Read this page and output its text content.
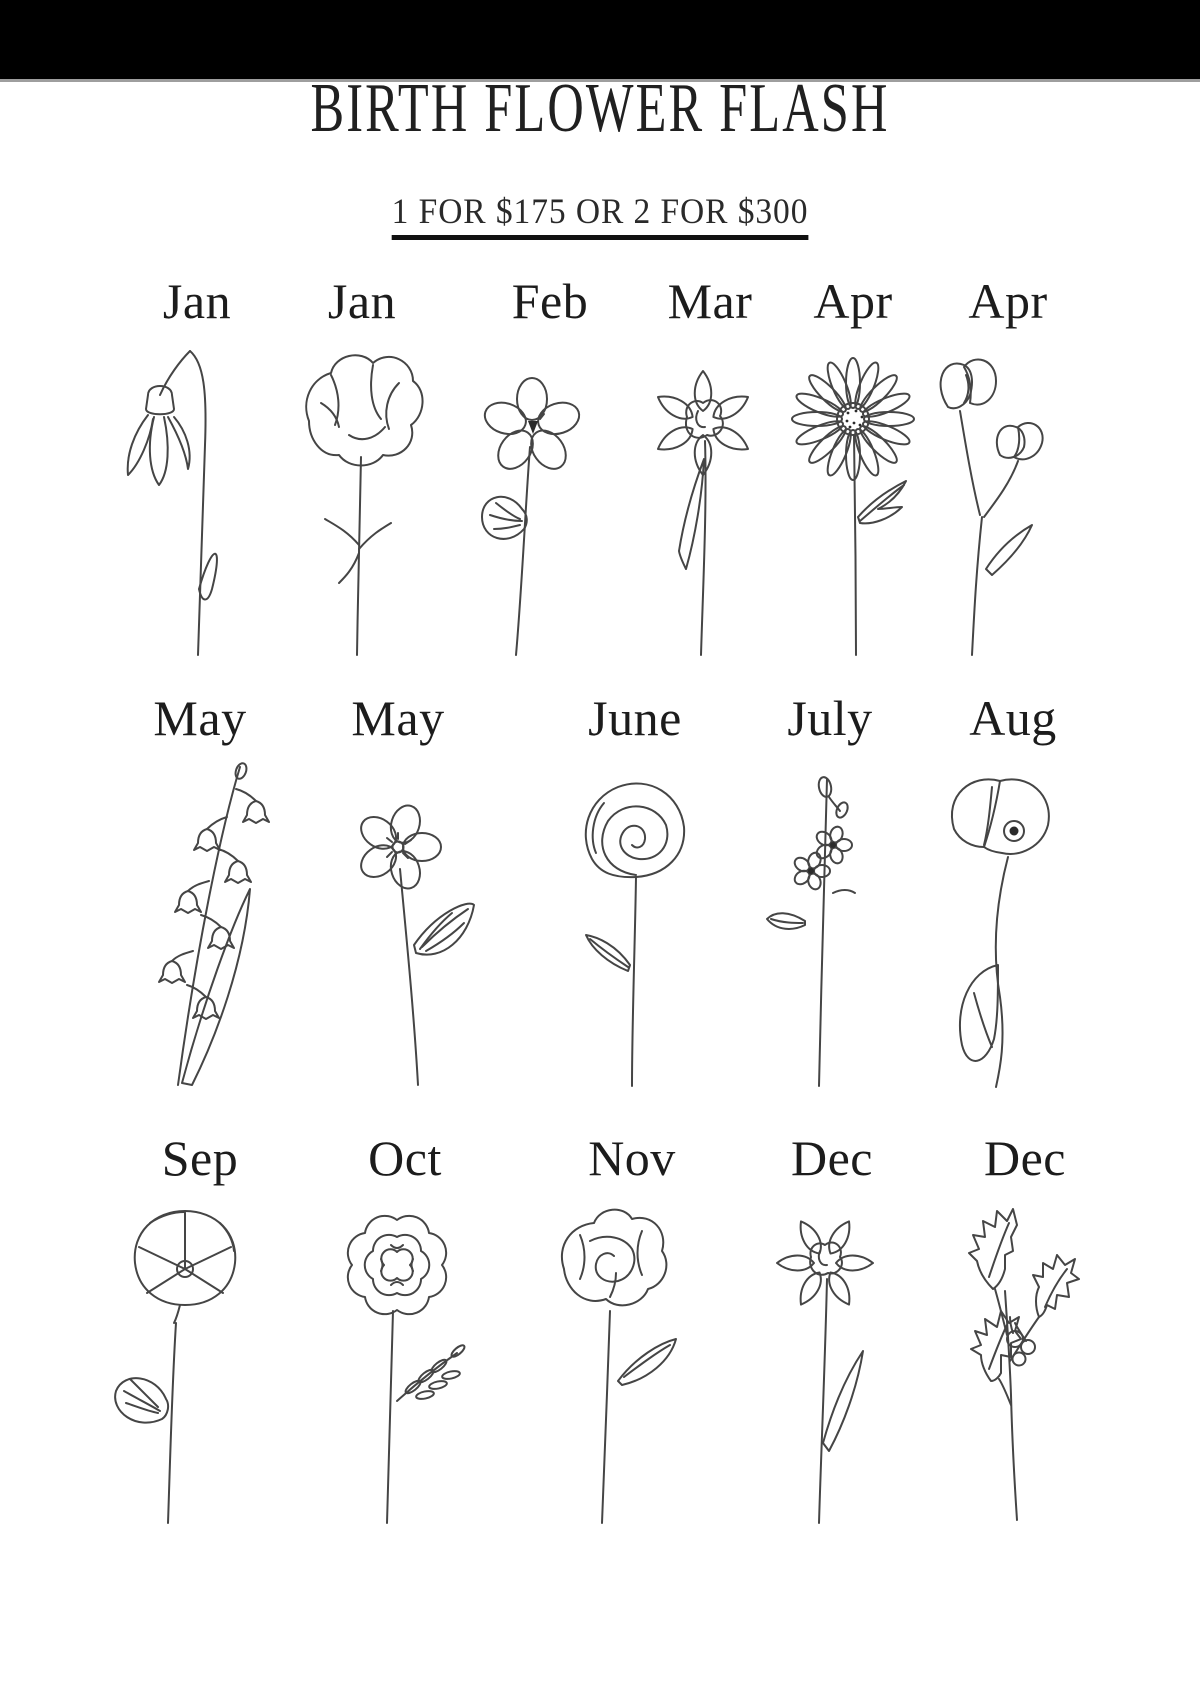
BIRTH FLOWER FLASH
1 FOR $175 OR 2 FOR $300
Jan	Jan	Feb	Mar	Apr	Apr
May	May	June	July	Aug
Sep	Oct	Nov	Dec	Dec
